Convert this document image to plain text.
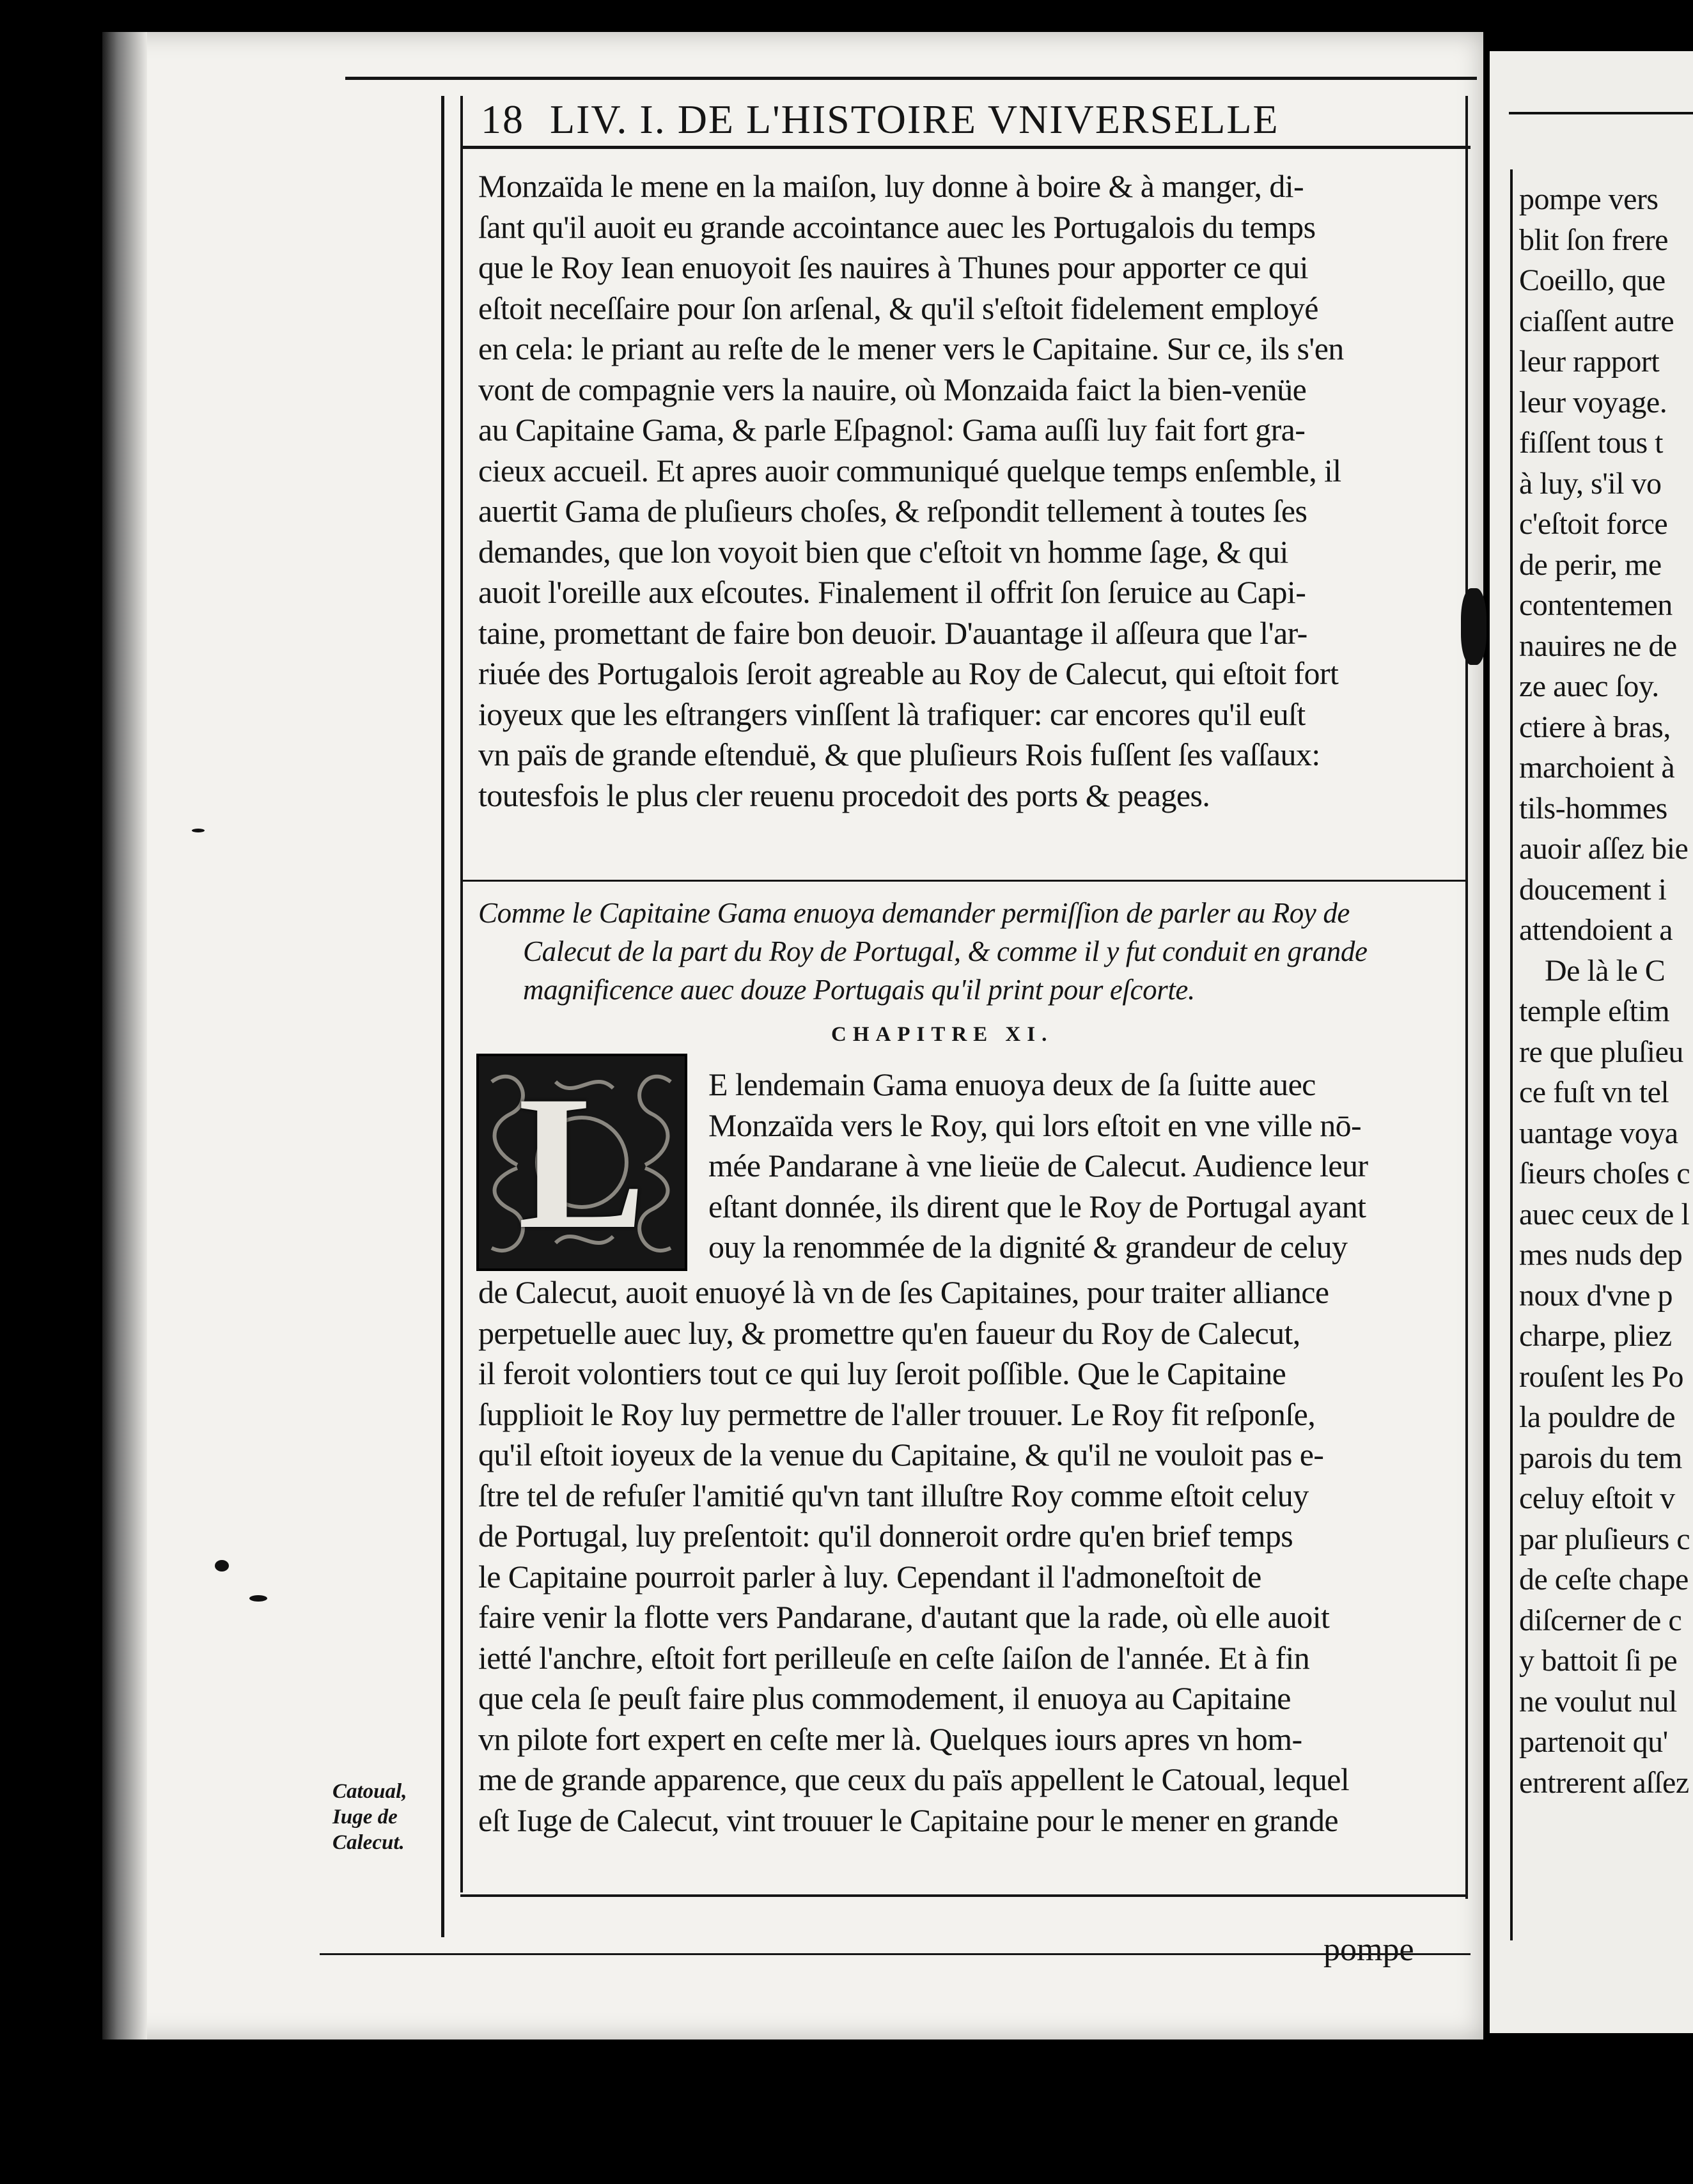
18 LIV. I. DE L'HISTOIRE VNIVERSELLE
Monzaïda le mene en la maiſon, luy donne à boire & à manger, di-
ſant qu'il auoit eu grande accointance auec les Portugalois du temps
que le Roy Iean enuoyoit ſes nauires à Thunes pour apporter ce qui
eſtoit neceſſaire pour ſon arſenal, & qu'il s'eſtoit fidelement employé
en cela: le priant au reſte de le mener vers le Capitaine. Sur ce, ils s'en
vont de compagnie vers la nauire, où Monzaida faict la bien-venüe
au Capitaine Gama, & parle Eſpagnol: Gama auſſi luy fait fort gra-
cieux accueil. Et apres auoir communiqué quelque temps enſemble, il
auertit Gama de pluſieurs choſes, & reſpondit tellement à toutes ſes
demandes, que lon voyoit bien que c'eſtoit vn homme ſage, & qui
auoit l'oreille aux eſcoutes. Finalement il offrit ſon ſeruice au Capi-
taine, promettant de faire bon deuoir. D'auantage il aſſeura que l'ar-
riuée des Portugalois ſeroit agreable au Roy de Calecut, qui eſtoit fort
ioyeux que les eſtrangers vinſſent là trafiquer: car encores qu'il euſt
vn païs de grande eſtenduë, & que pluſieurs Rois fuſſent ſes vaſſaux:
toutesfois le plus cler reuenu procedoit des ports & peages.
Comme le Capitaine Gama enuoya demander permiſſion de parler au Roy de
Calecut de la part du Roy de Portugal, & comme il y fut conduit en grande
magnificence auec douze Portugais qu'il print pour eſcorte.
CHAPITRE XI.
L	E lendemain Gama enuoya deux de ſa ſuitte auec
Monzaïda vers le Roy, qui lors eſtoit en vne ville nō-
mée Pandarane à vne lieüe de Calecut. Audience leur
eſtant donnée, ils dirent que le Roy de Portugal ayant
ouy la renommée de la dignité & grandeur de celuy
de Calecut, auoit enuoyé là vn de ſes Capitaines, pour traiter alliance
perpetuelle auec luy, & promettre qu'en faueur du Roy de Calecut,
il feroit volontiers tout ce qui luy ſeroit poſſible. Que le Capitaine
ſupplioit le Roy luy permettre de l'aller trouuer. Le Roy fit reſponſe,
qu'il eſtoit ioyeux de la venue du Capitaine, & qu'il ne vouloit pas e-
ſtre tel de refuſer l'amitié qu'vn tant illuſtre Roy comme eſtoit celuy
de Portugal, luy preſentoit: qu'il donneroit ordre qu'en brief temps
le Capitaine pourroit parler à luy. Cependant il l'admoneſtoit de
faire venir la flotte vers Pandarane, d'autant que la rade, où elle auoit
ietté l'anchre, eſtoit fort perilleuſe en ceſte ſaiſon de l'année. Et à fin
que cela ſe peuſt faire plus commodement, il enuoya au Capitaine
vn pilote fort expert en ceſte mer là. Quelques iours apres vn hom-
me de grande apparence, que ceux du païs appellent le Catoual, lequel
eſt Iuge de Calecut, vint trouuer le Capitaine pour le mener en grande
Catoual,
Iuge de
Calecut.
pompe
pompe vers
blit ſon frere
Coeillo, que
ciaſſent autre
leur rapport
leur voyage.
fiſſent tous t
à luy, s'il vo
c'eſtoit force
de perir, me
contentemen
nauires ne de
ze auec ſoy.
ctiere à bras,
marchoient à
tils-hommes
auoir aſſez bie
doucement i
attendoient a
De là le C
temple eſtim
re que pluſieu
ce fuſt vn tel
uantage voya
ſieurs choſes c
auec ceux de l
mes nuds dep
noux d'vne p
charpe, pliez
rouſent les Po
la pouldre de
parois du tem
celuy eſtoit v
par pluſieurs c
de ceſte chape
diſcerner de c
y battoit ſi pe
ne voulut nul
partenoit qu'
entrerent aſſez
